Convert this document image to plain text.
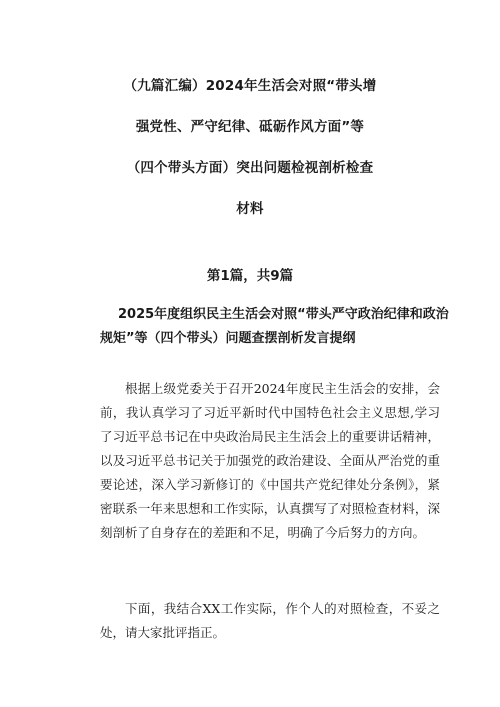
（九篇汇编）2024年生活会对照“带头增
强党性、严守纪律、砥砺作风方面”等
（四个带头方面）突出问题检视剖析检查
材料
第1篇，共9篇
2025年度组织民主生活会对照“带头严守政治纪律和政治
规矩”等（四个带头）问题查摆剖析发言提纲

根据上级党委关于召开2024年度民主生活会的安排，会前，我认真学习了习近平新时代中国特色社会主义思想,学习了习近平总书记在中央政治局民主生活会上的重要讲话精神，以及习近平总书记关于加强党的政治建设、全面从严治党的重要论述，深入学习新修订的《中国共产党纪律处分条例》，紧密联系一年来思想和工作实际，认真撰写了对照检查材料，深刻剖析了自身存在的差距和不足，明确了今后努力的方向。

下面，我结合XX工作实际，作个人的对照检查，不妥之处，请大家批评指正。
